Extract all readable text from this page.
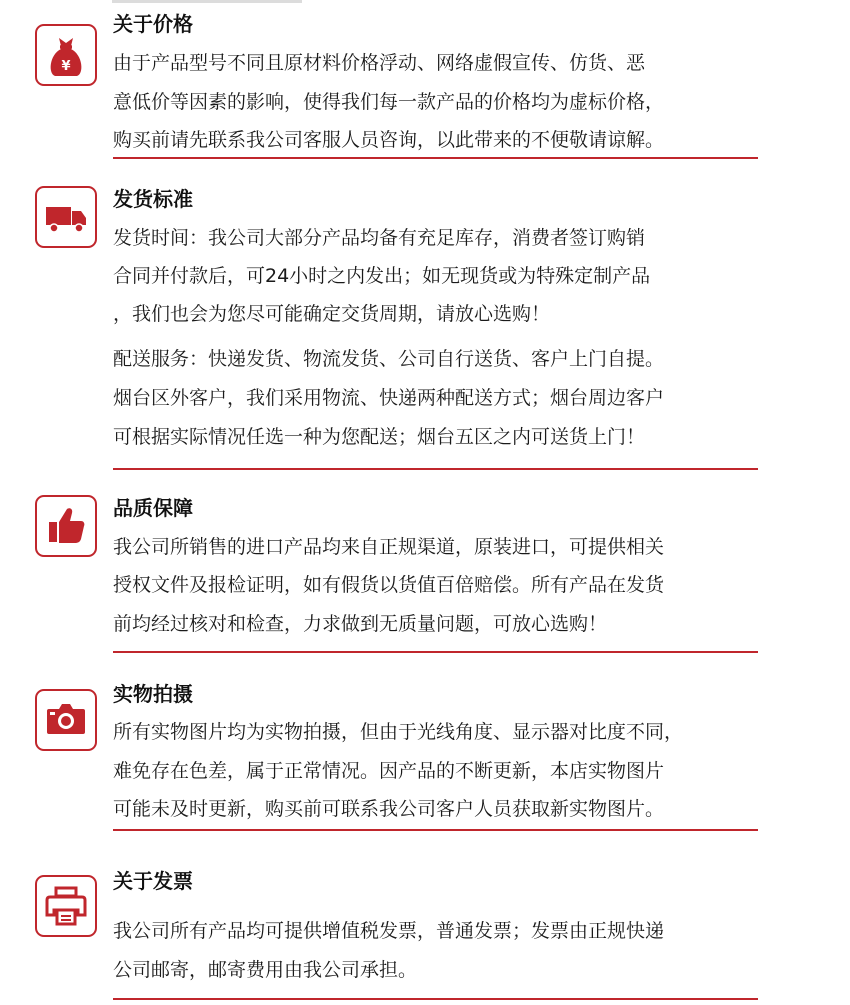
¥
关于价格
由于产品型号不同且原材料价格浮动、网络虚假宣传、仿货、恶
意低价等因素的影响，使得我们每一款产品的价格均为虚标价格，
购买前请先联系我公司客服人员咨询，以此带来的不便敬请谅解。
发货标准
发货时间：我公司大部分产品均备有充足库存，消费者签订购销
合同并付款后，可24小时之内发出；如无现货或为特殊定制产品
，我们也会为您尽可能确定交货周期，请放心选购！
配送服务：快递发货、物流发货、公司自行送货、客户上门自提。
烟台区外客户，我们采用物流、快递两种配送方式；烟台周边客户
可根据实际情况任选一种为您配送；烟台五区之内可送货上门！
品质保障
我公司所销售的进口产品均来自正规渠道，原装进口，可提供相关
授权文件及报检证明，如有假货以货值百倍赔偿。所有产品在发货
前均经过核对和检查，力求做到无质量问题，可放心选购！
实物拍摄
所有实物图片均为实物拍摄，但由于光线角度、显示器对比度不同，
难免存在色差，属于正常情况。因产品的不断更新，本店实物图片
可能未及时更新，购买前可联系我公司客户人员获取新实物图片。
关于发票
我公司所有产品均可提供增值税发票，普通发票；发票由正规快递
公司邮寄，邮寄费用由我公司承担。
